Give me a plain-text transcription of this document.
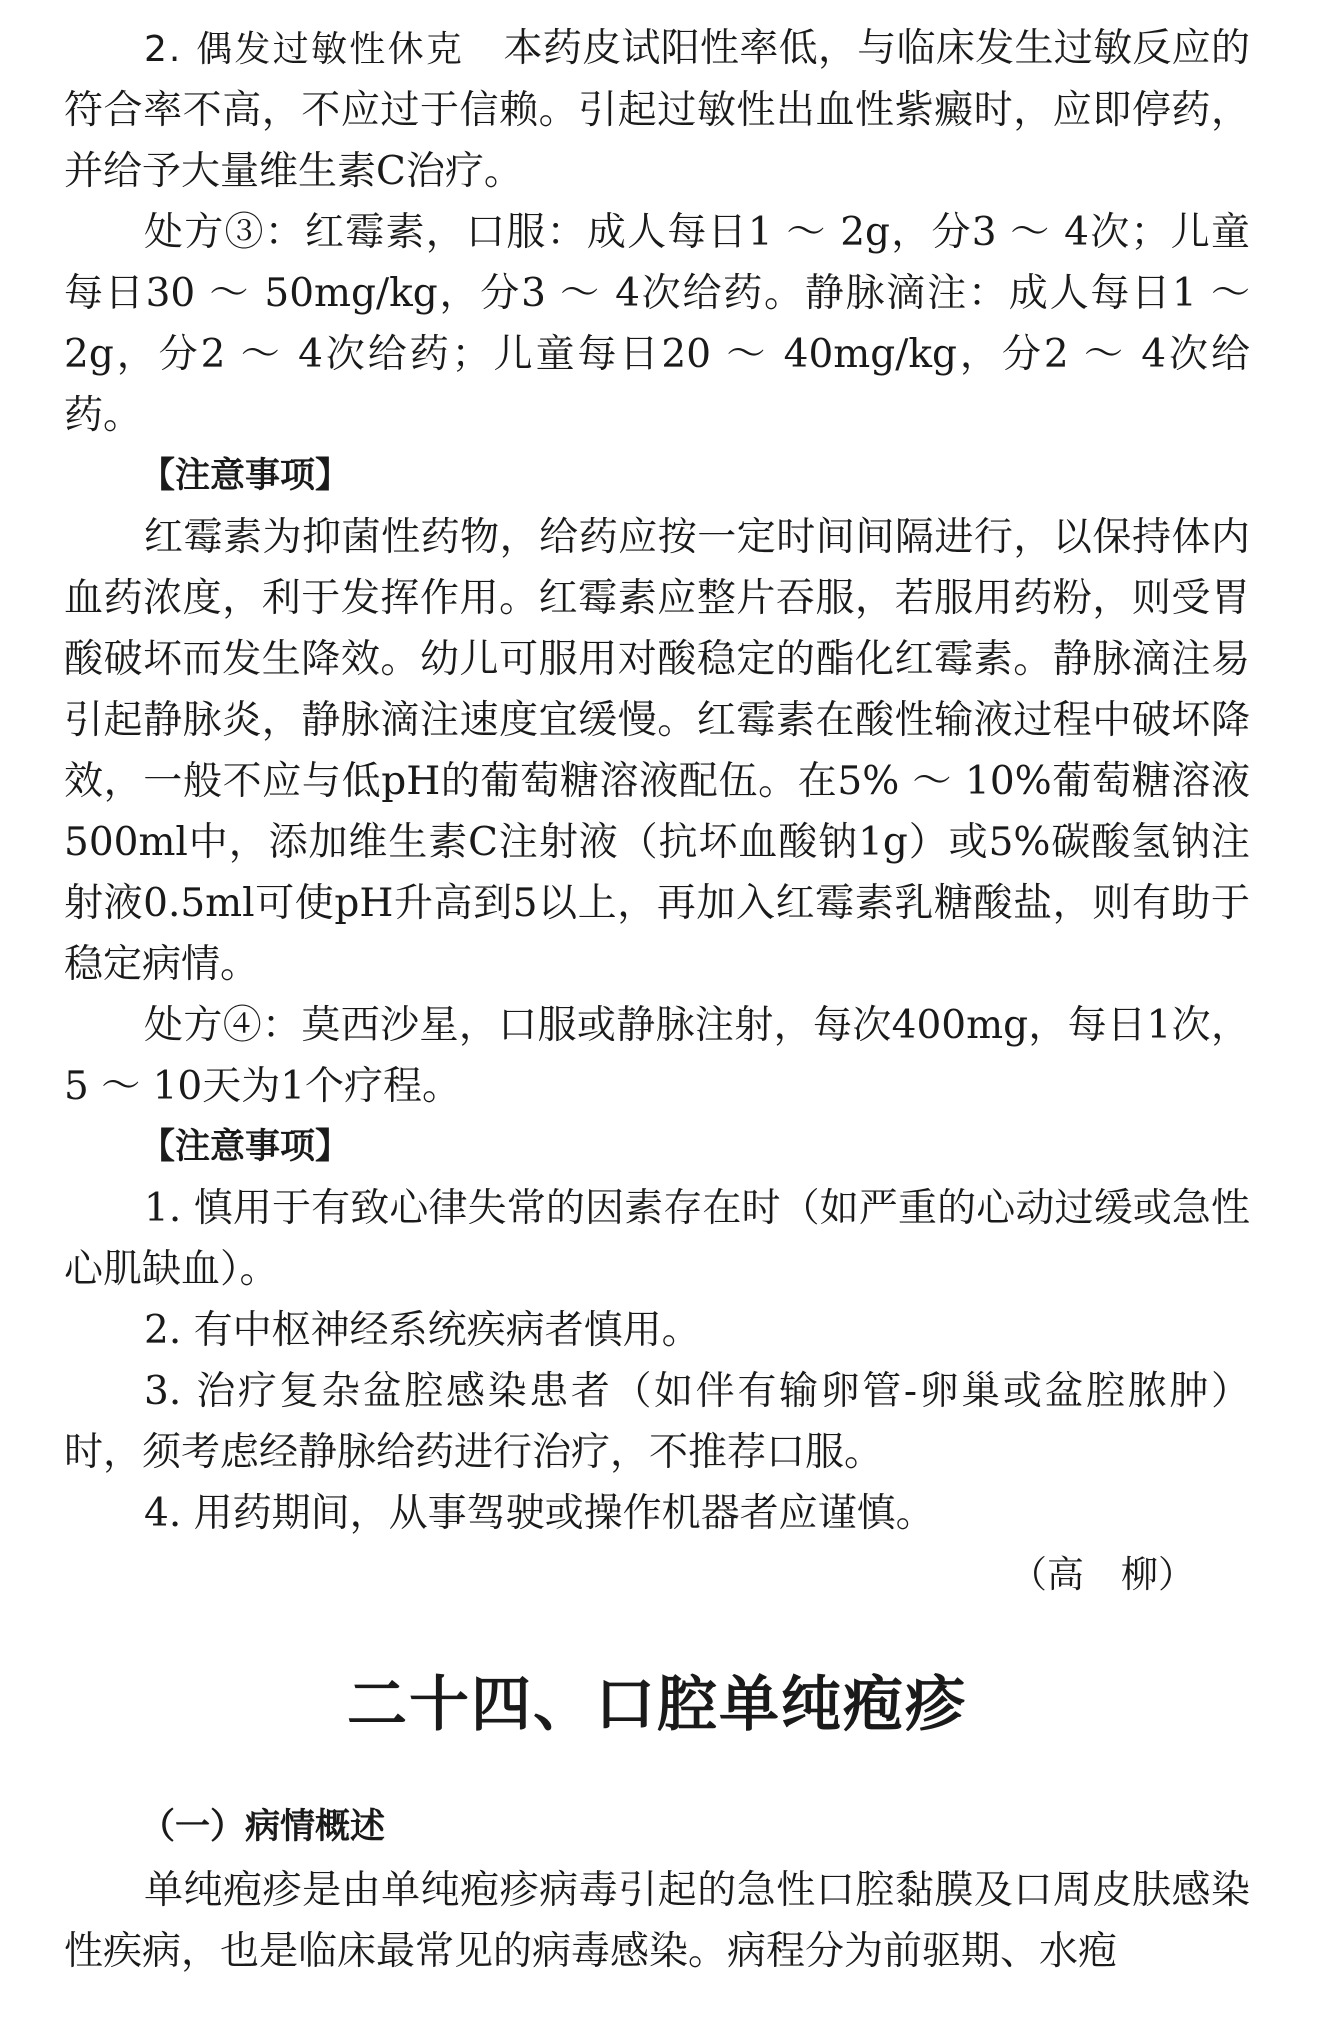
2. 偶发过敏性休克　本药皮试阳性率低，与临床发生过敏反应的符合率不高，不应过于信赖。引起过敏性出血性紫癜时，应即停药，并给予大量维生素C治疗。

处方③：红霉素，口服：成人每日1 ～ 2g，分3 ～ 4次；儿童每日30 ～ 50mg/kg，分3 ～ 4次给药。静脉滴注：成人每日1 ～ 2g，分2 ～ 4次给药；儿童每日20 ～ 40mg/kg，分2 ～ 4次给药。

【注意事项】

红霉素为抑菌性药物，给药应按一定时间间隔进行，以保持体内血药浓度，利于发挥作用。红霉素应整片吞服，若服用药粉，则受胃酸破坏而发生降效。幼儿可服用对酸稳定的酯化红霉素。静脉滴注易引起静脉炎，静脉滴注速度宜缓慢。红霉素在酸性输液过程中破坏降效，一般不应与低pH的葡萄糖溶液配伍。在5% ～ 10%葡萄糖溶液500ml中，添加维生素C注射液（抗坏血酸钠1g）或5%碳酸氢钠注射液0.5ml可使pH升高到5以上，再加入红霉素乳糖酸盐，则有助于稳定病情。

处方④：莫西沙星，口服或静脉注射，每次400mg，每日1次，5 ～ 10天为1个疗程。

【注意事项】

1. 慎用于有致心律失常的因素存在时（如严重的心动过缓或急性心肌缺血）。

2. 有中枢神经系统疾病者慎用。

3. 治疗复杂盆腔感染患者（如伴有输卵管-卵巢或盆腔脓肿）时，须考虑经静脉给药进行治疗，不推荐口服。

4. 用药期间，从事驾驶或操作机器者应谨慎。

（高　柳）

二十四、口腔单纯疱疹

（一）病情概述

单纯疱疹是由单纯疱疹病毒引起的急性口腔黏膜及口周皮肤感染性疾病，也是临床最常见的病毒感染。病程分为前驱期、水疱
